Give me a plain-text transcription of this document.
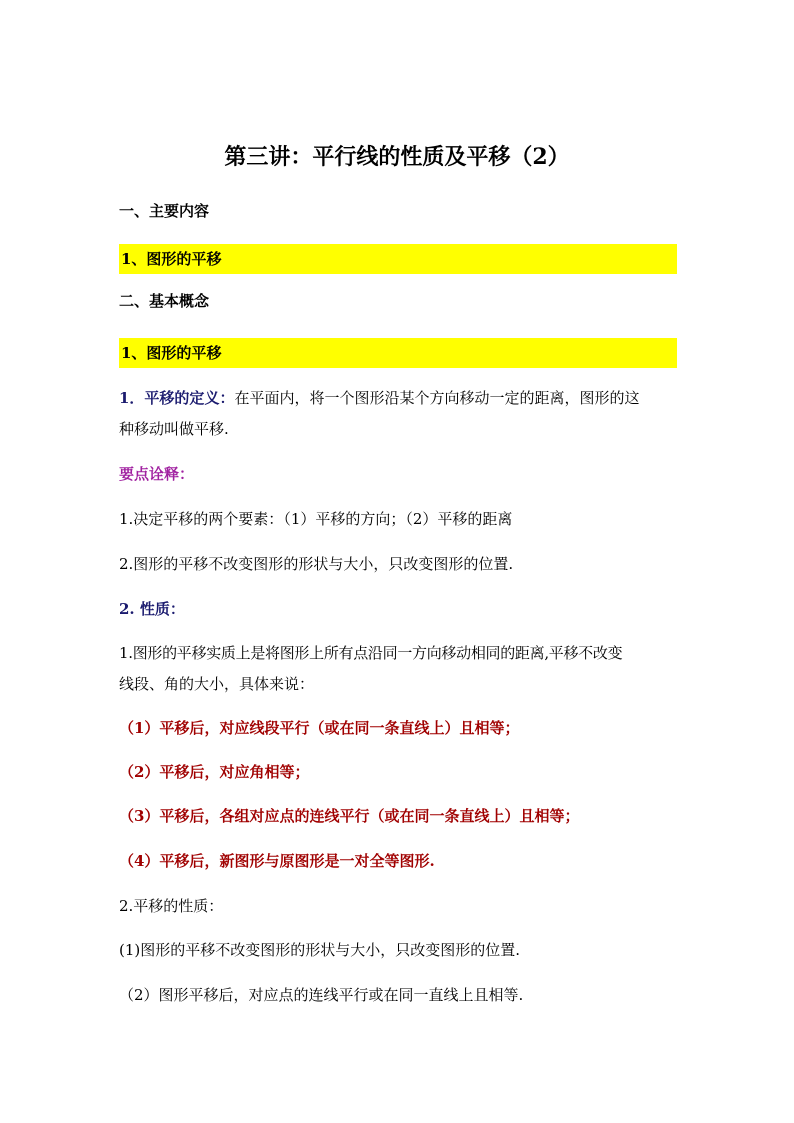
第三讲：平行线的性质及平移（2）
一、主要内容
1、图形的平移
二、基本概念
1、图形的平移
1．平移的定义：在平面内，将一个图形沿某个方向移动一定的距离，图形的这
种移动叫做平移.
要点诠释：
1.决定平移的两个要素：（1）平移的方向；（2）平移的距离
2.图形的平移不改变图形的形状与大小，只改变图形的位置.
2. 性质：
1.图形的平移实质上是将图形上所有点沿同一方向移动相同的距离,平移不改变
线段、角的大小，具体来说：
（1）平移后，对应线段平行（或在同一条直线上）且相等；
（2）平移后，对应角相等；
（3）平移后，各组对应点的连线平行（或在同一条直线上）且相等；
（4）平移后，新图形与原图形是一对全等图形.
2.平移的性质：
(1)图形的平移不改变图形的形状与大小，只改变图形的位置.
（2）图形平移后，对应点的连线平行或在同一直线上且相等.
